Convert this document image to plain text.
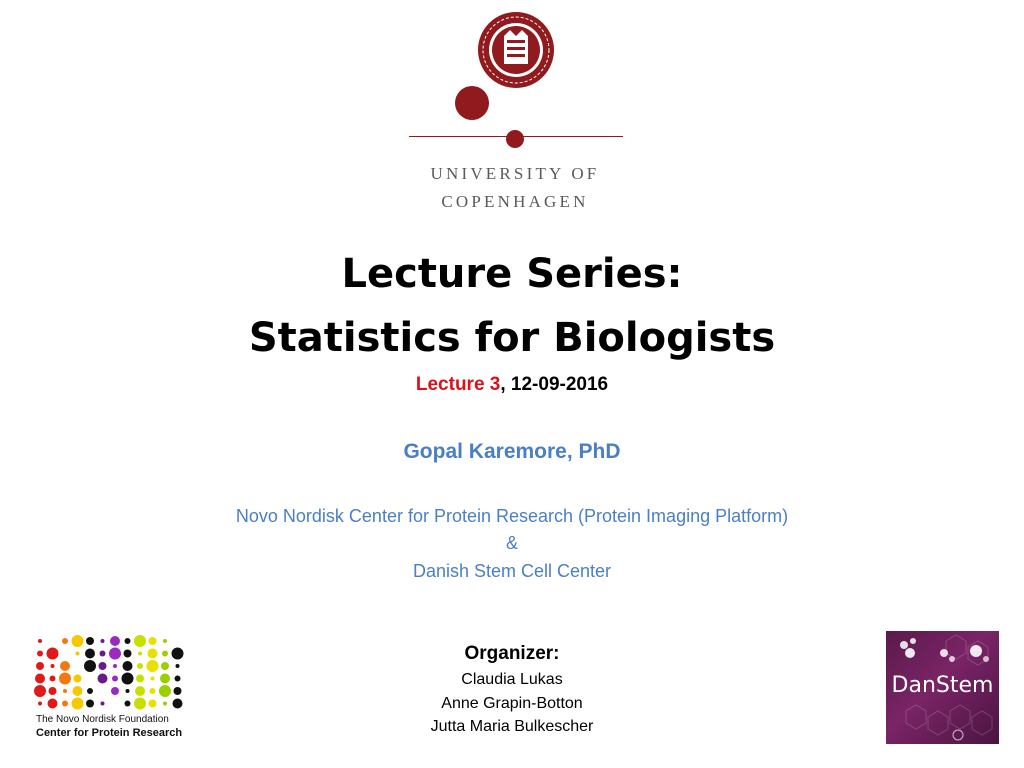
UNIVERSITY OF
COPENHAGEN
Lecture Series:
Statistics for Biologists
Lecture 3, 12-09-2016
Gopal Karemore, PhD
Novo Nordisk Center for Protein Research (Protein Imaging Platform)
&
Danish Stem Cell Center
Organizer:
Claudia Lukas
Anne Grapin-Botton
Jutta Maria Bulkescher
The Novo Nordisk Foundation
Center for Protein Research
DanStem
